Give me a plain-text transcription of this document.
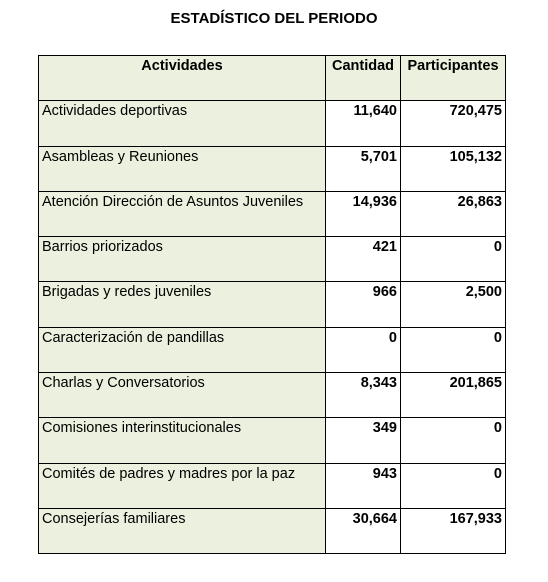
ESTADÍSTICO DEL PERIODO
Actividades	Cantidad	Participantes
Actividades deportivas	11,640	720,475
Asambleas y Reuniones	5,701	105,132
Atención Dirección de Asuntos Juveniles	14,936	26,863
Barrios priorizados	421	0
Brigadas y redes juveniles	966	2,500
Caracterización de pandillas	0	0
Charlas y Conversatorios	8,343	201,865
Comisiones interinstitucionales	349	0
Comités de padres y madres por la paz	943	0
Consejerías familiares	30,664	167,933
